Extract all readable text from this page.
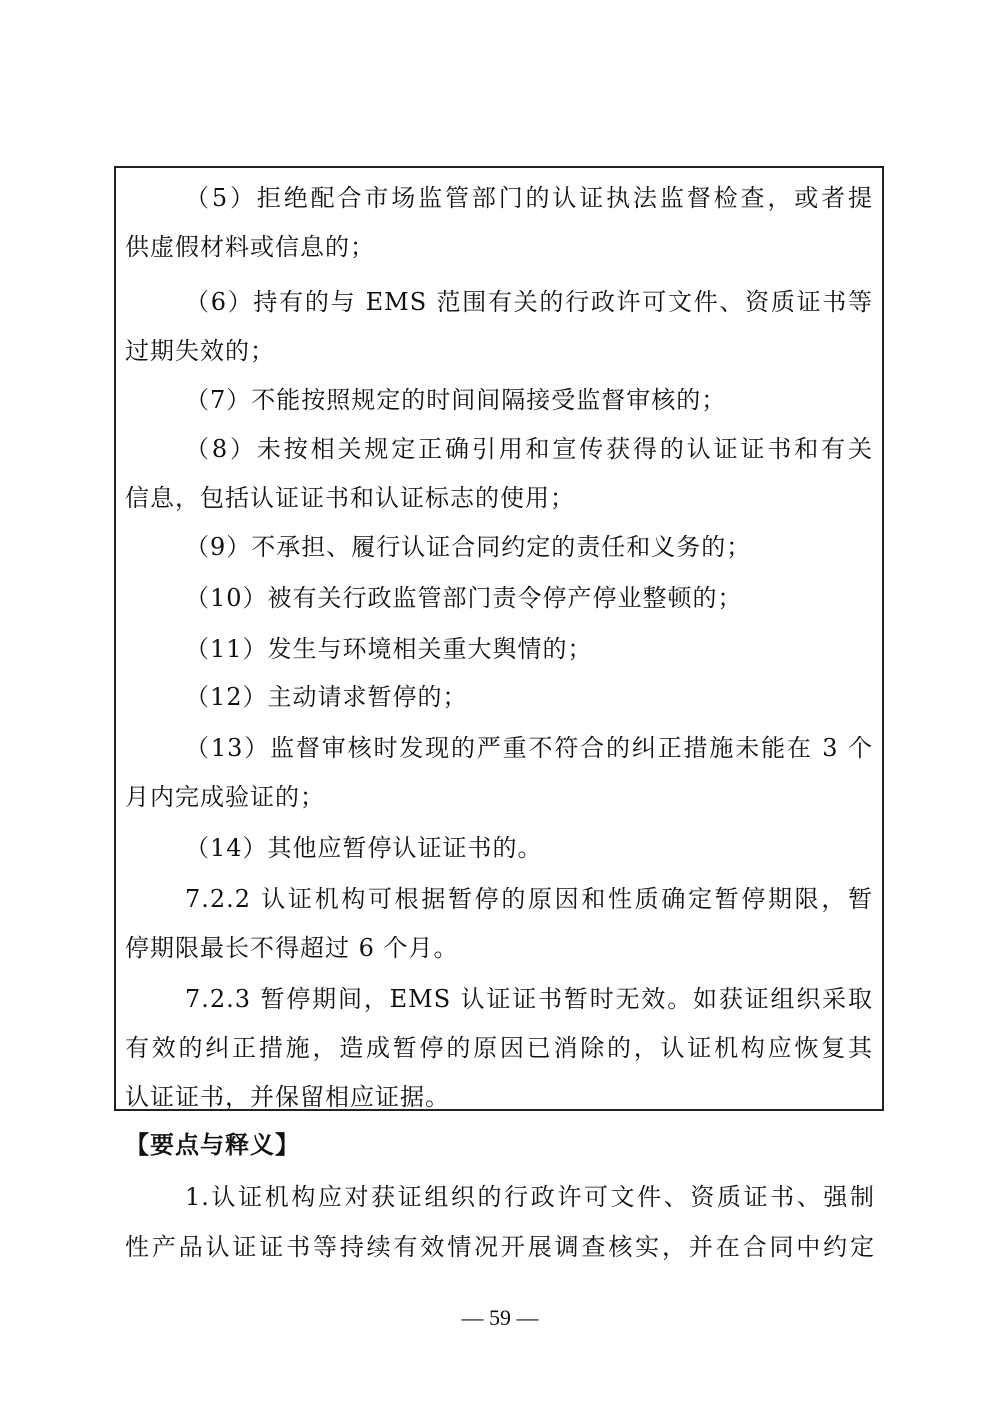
（5）拒绝配合市场监管部门的认证执法监督检查，或者提
供虚假材料或信息的；
（6）持有的与 EMS 范围有关的行政许可文件、资质证书等
过期失效的；
（7）不能按照规定的时间间隔接受监督审核的；
（8）未按相关规定正确引用和宣传获得的认证证书和有关
信息，包括认证证书和认证标志的使用；
（9）不承担、履行认证合同约定的责任和义务的；
（10）被有关行政监管部门责令停产停业整顿的；
（11）发生与环境相关重大舆情的；
（12）主动请求暂停的；
（13）监督审核时发现的严重不符合的纠正措施未能在 3 个
月内完成验证的；
（14）其他应暂停认证证书的。
7.2.2 认证机构可根据暂停的原因和性质确定暂停期限，暂
停期限最长不得超过 6 个月。
7.2.3 暂停期间，EMS 认证证书暂时无效。如获证组织采取
有效的纠正措施，造成暂停的原因已消除的，认证机构应恢复其
认证证书，并保留相应证据。
【要点与释义】
1.认证机构应对获证组织的行政许可文件、资质证书、强制
性产品认证证书等持续有效情况开展调查核实，并在合同中约定
— 59 —
